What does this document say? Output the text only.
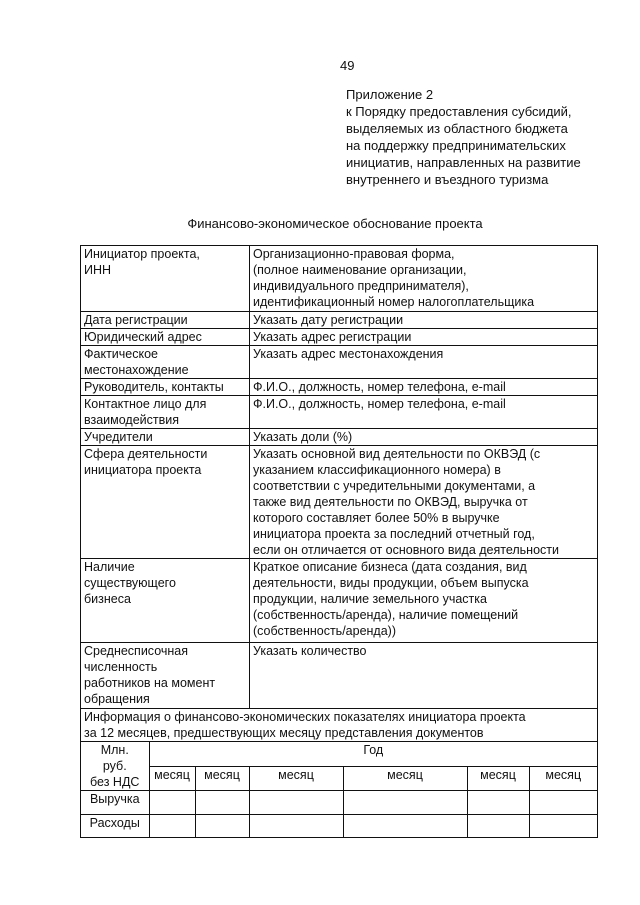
49
Приложение 2
к Порядку предоставления субсидий,
выделяемых из областного бюджета
на поддержку предпринимательских
инициатив, направленных на развитие
внутреннего и въездного туризма
Финансово-экономическое обоснование проекта
Инициатор проекта,
ИНН	Организационно-правовая форма,
(полное наименование организации,
индивидуального предпринимателя),
идентификационный номер налогоплательщика
Дата регистрации	Указать дату регистрации
Юридический адрес	Указать адрес регистрации
Фактическое
местонахождение	Указать адрес местонахождения
Руководитель, контакты	Ф.И.О., должность, номер телефона, e-mail
Контактное лицо для
взаимодействия	Ф.И.О., должность, номер телефона, e-mail
Учредители	Указать доли (%)
Сфера деятельности
инициатора проекта	Указать основной вид деятельности по ОКВЭД (с
указанием классификационного номера) в
соответствии с учредительными документами, а
также вид деятельности по ОКВЭД, выручка от
которого составляет более 50% в выручке
инициатора проекта за последний отчетный год,
если он отличается от основного вида деятельности
Наличие
существующего
бизнеса	Краткое описание бизнеса (дата создания, вид
деятельности, виды продукции, объем выпуска
продукции, наличие земельного участка
(собственность/аренда), наличие помещений
(собственность/аренда))
Среднесписочная
численность
работников на момент
обращения	Указать количество

Информация о финансово-экономических показателях инициатора проекта
за 12 месяцев, предшествующих месяцу представления документов
Млн.
руб.
без НДС	Год
месяц	месяц	месяц	месяц	месяц	месяц
Выручка						
Расходы						
